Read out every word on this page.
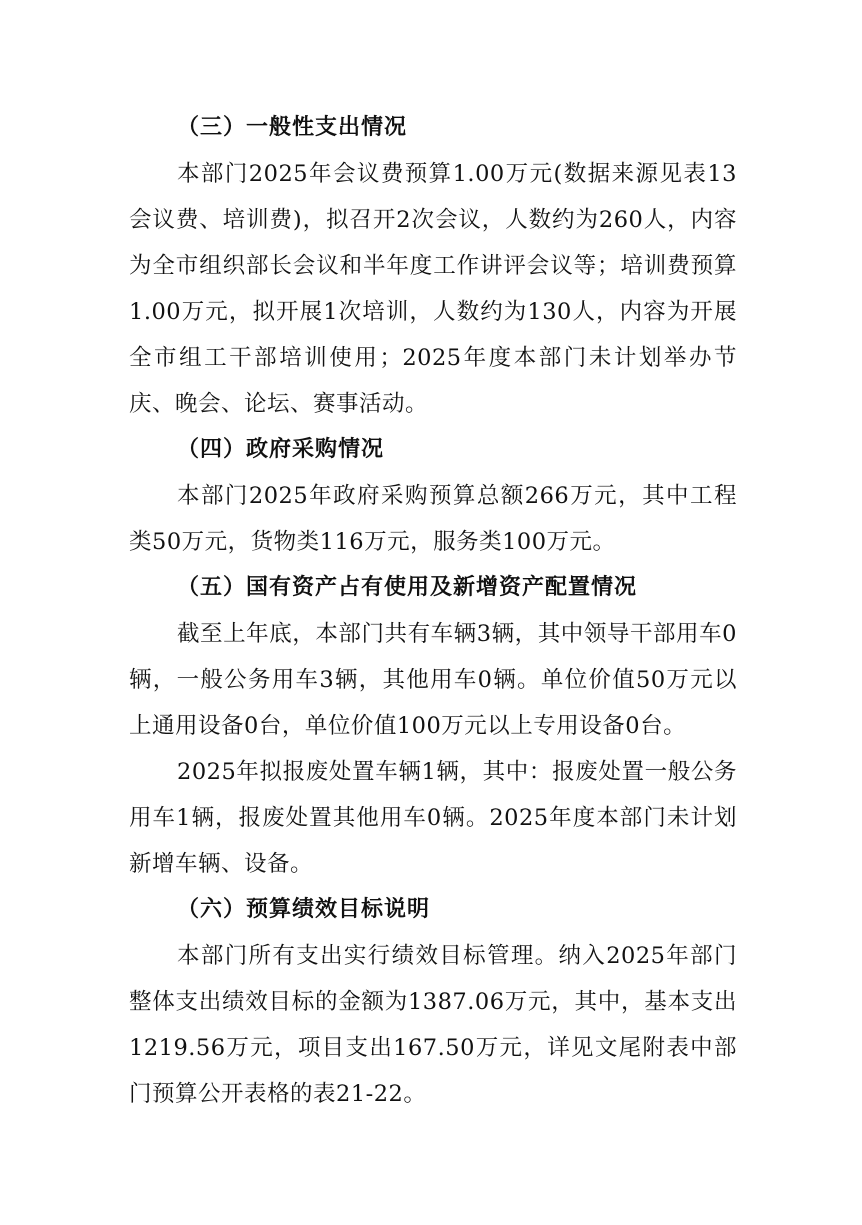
（三）一般性支出情况

本部门2025年会议费预算1.00万元(数据来源见表13会议费、培训费)，拟召开2次会议，人数约为260人，内容为全市组织部长会议和半年度工作讲评会议等；培训费预算1.00万元，拟开展1次培训，人数约为130人，内容为开展全市组工干部培训使用；2025年度本部门未计划举办节庆、晚会、论坛、赛事活动。

（四）政府采购情况

本部门2025年政府采购预算总额266万元，其中工程类50万元，货物类116万元，服务类100万元。

（五）国有资产占有使用及新增资产配置情况

截至上年底，本部门共有车辆3辆，其中领导干部用车0辆，一般公务用车3辆，其他用车0辆。单位价值50万元以上通用设备0台，单位价值100万元以上专用设备0台。

2025年拟报废处置车辆1辆，其中：报废处置一般公务用车1辆，报废处置其他用车0辆。2025年度本部门未计划新增车辆、设备。

（六）预算绩效目标说明

本部门所有支出实行绩效目标管理。纳入2025年部门整体支出绩效目标的金额为1387.06万元，其中，基本支出1219.56万元，项目支出167.50万元，详见文尾附表中部门预算公开表格的表21-22。
